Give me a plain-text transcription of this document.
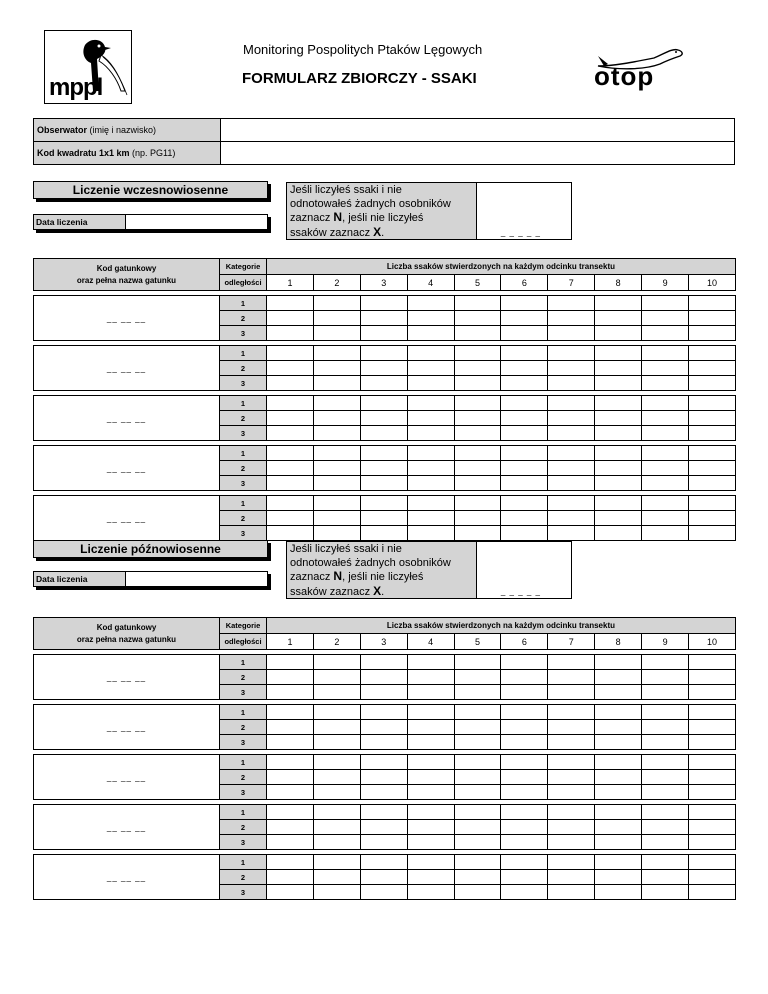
mppl	otop
Monitoring Pospolitych Ptaków Lęgowych
FORMULARZ ZBIORCZY - SSAKI
Obserwator (imię i nazwisko)	
Kod kwadratu 1x1 km (np. PG11)	
Liczenie wczesnowiosenne
Data liczenia
Jeśli liczyłeś ssaki i nie
odnotowałeś żadnych osobników
zaznacz N, jeśli nie liczyłeś
ssaków zaznacz X.	_ _ _ _ _
Kod gatunkowy
oraz pełna nazwa gatunku	Kategorie	Liczba ssaków stwierdzonych na każdym odcinku transektu									
	odległości	1	2	3	4	5	6	7	8	9	10

__ __ __	1										
	2										
	3										

__ __ __	1										
	2										
	3										

__ __ __	1										
	2										
	3										

__ __ __	1										
	2										
	3										

__ __ __	1										
	2										
	3										
Liczenie późnowiosenne
Data liczenia
Jeśli liczyłeś ssaki i nie
odnotowałeś żadnych osobników
zaznacz N, jeśli nie liczyłeś
ssaków zaznacz X.	_ _ _ _ _
Kod gatunkowy
oraz pełna nazwa gatunku	Kategorie	Liczba ssaków stwierdzonych na każdym odcinku transektu									
	odległości	1	2	3	4	5	6	7	8	9	10

__ __ __	1										
	2										
	3										

__ __ __	1										
	2										
	3										

__ __ __	1										
	2										
	3										

__ __ __	1										
	2										
	3										

__ __ __	1										
	2										
	3										
